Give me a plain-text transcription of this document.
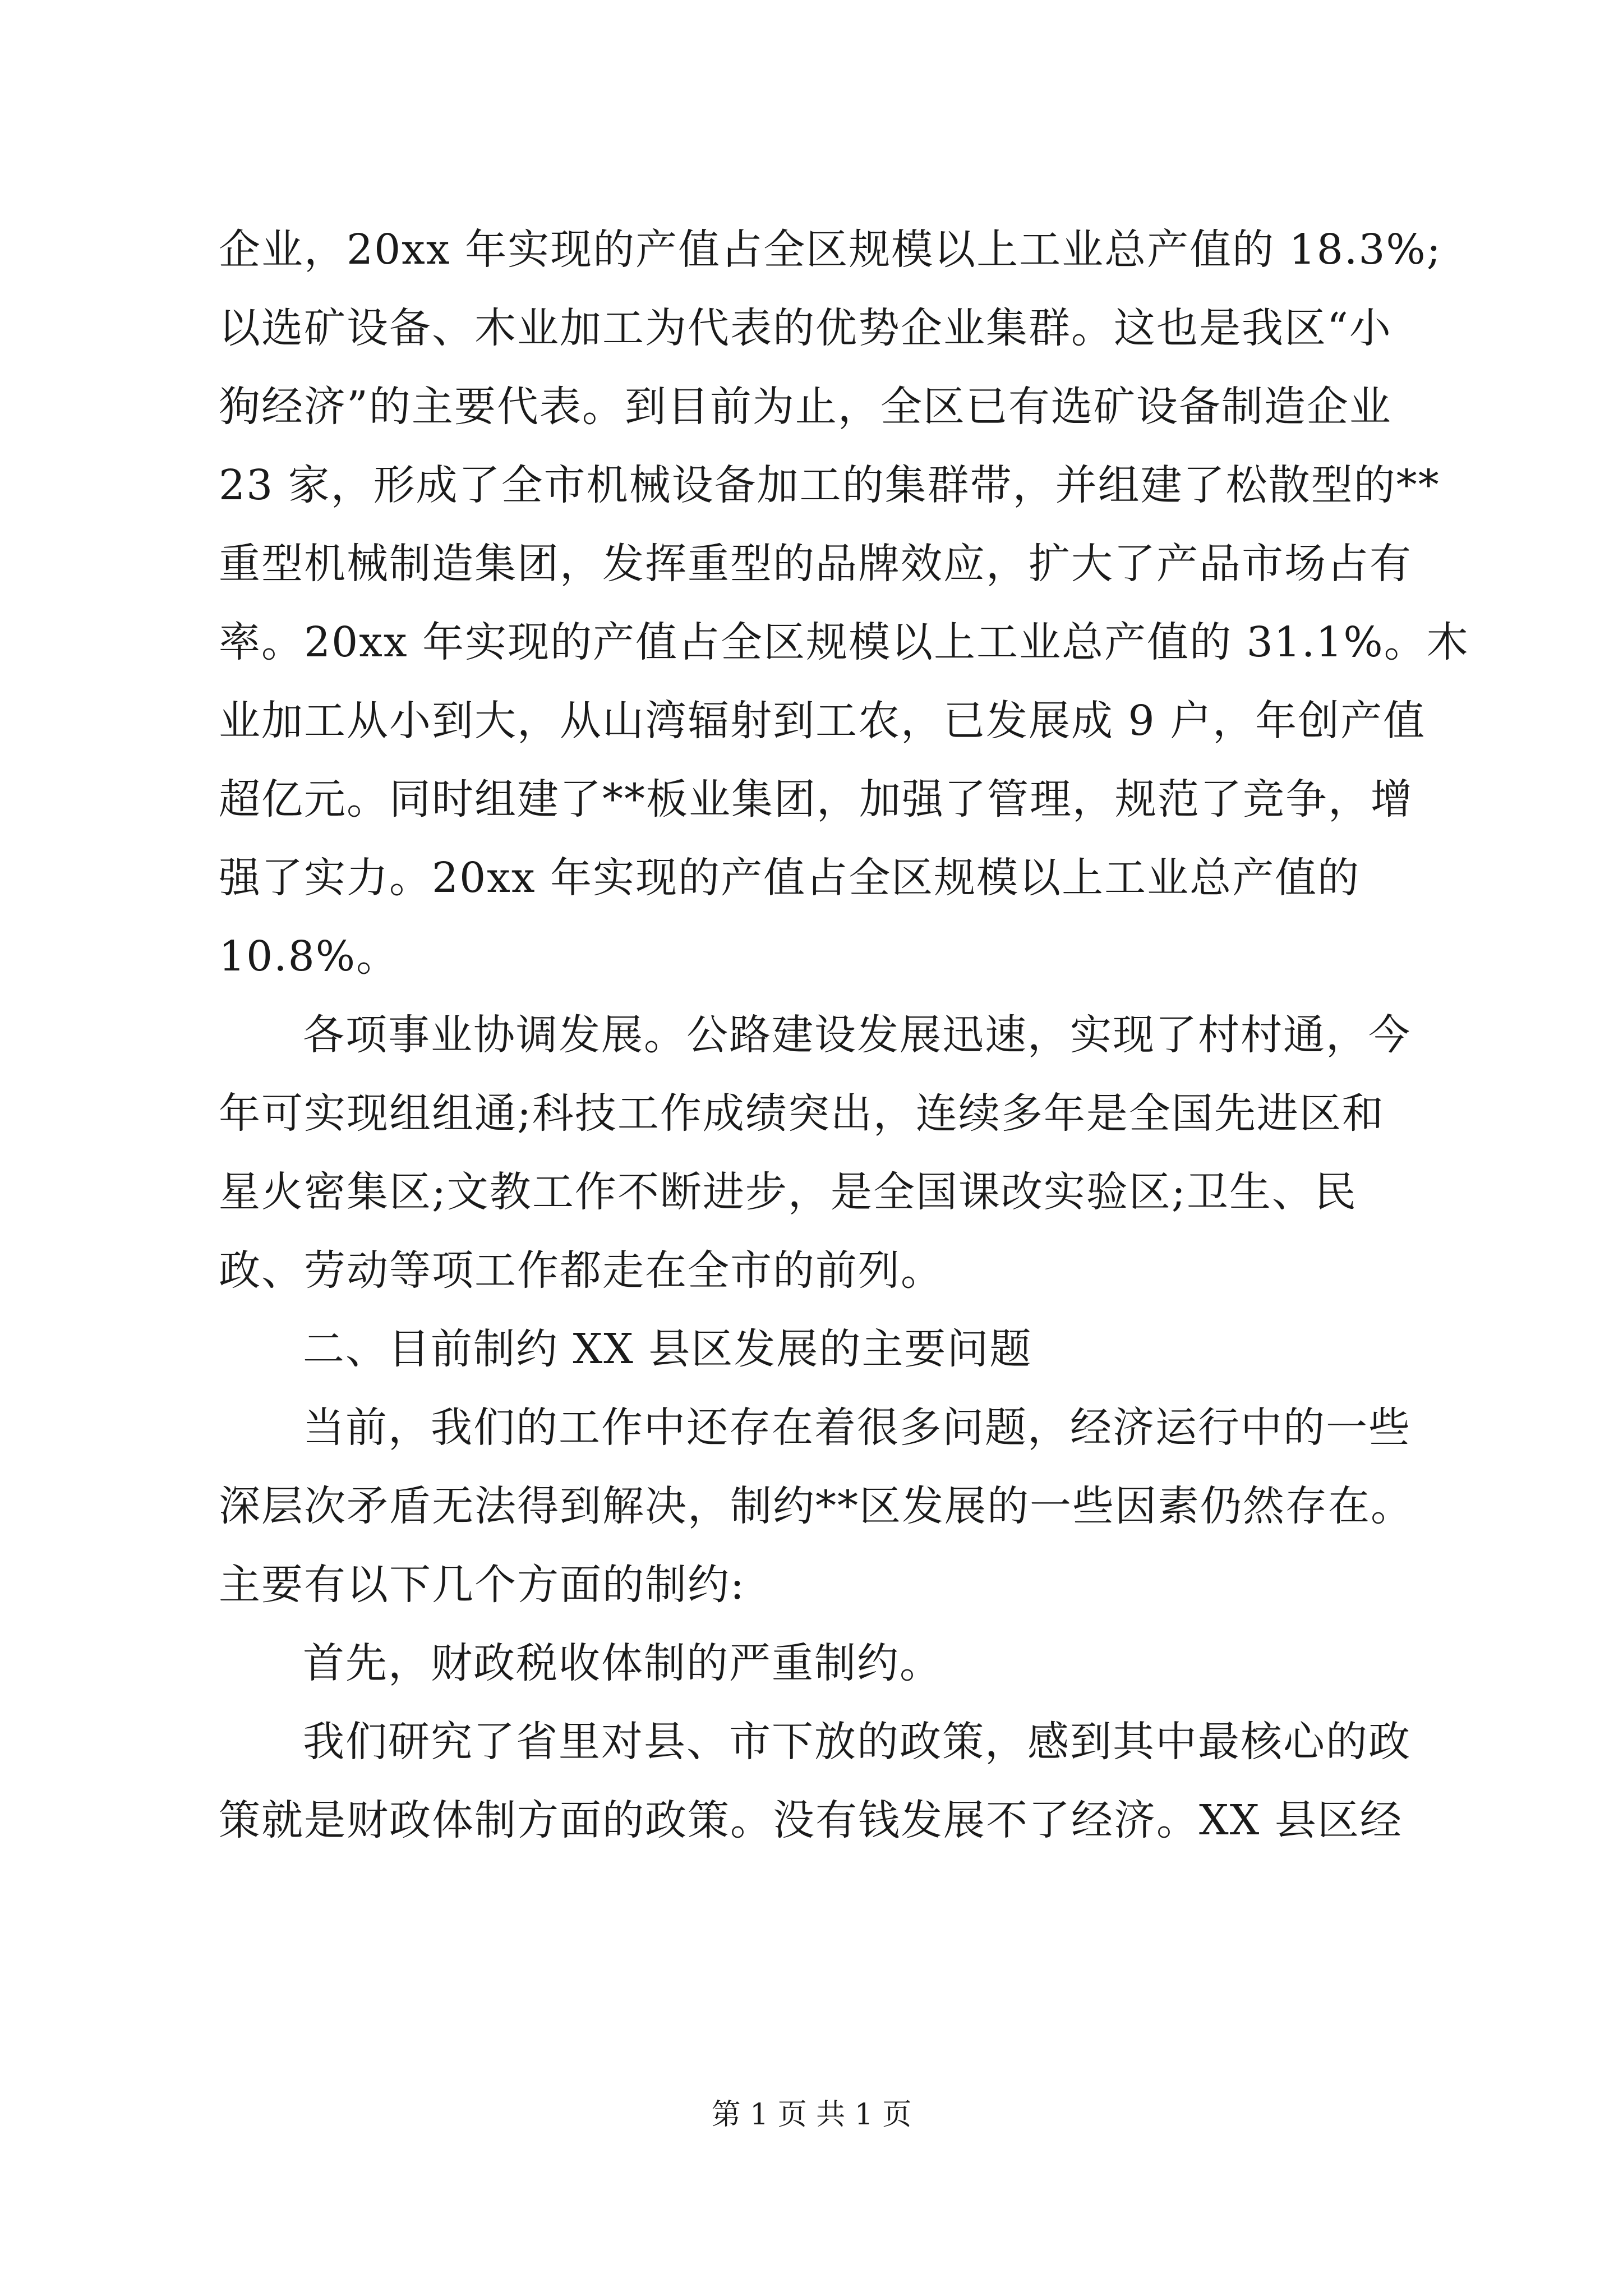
企业，20xx 年实现的产值占全区规模以上工业总产值的 18.3%;
以选矿设备、木业加工为代表的优势企业集群。这也是我区“小
狗经济”的主要代表。到目前为止，全区已有选矿设备制造企业
23 家，形成了全市机械设备加工的集群带，并组建了松散型的**
重型机械制造集团，发挥重型的品牌效应，扩大了产品市场占有
率。20xx 年实现的产值占全区规模以上工业总产值的 31.1%。木
业加工从小到大，从山湾辐射到工农，已发展成 9 户，年创产值
超亿元。同时组建了**板业集团，加强了管理，规范了竞争，增
强了实力。20xx 年实现的产值占全区规模以上工业总产值的
10.8%。
各项事业协调发展。公路建设发展迅速，实现了村村通，今
年可实现组组通;科技工作成绩突出，连续多年是全国先进区和
星火密集区;文教工作不断进步，是全国课改实验区;卫生、民
政、劳动等项工作都走在全市的前列。
二、目前制约 XX 县区发展的主要问题
当前，我们的工作中还存在着很多问题，经济运行中的一些
深层次矛盾无法得到解决，制约**区发展的一些因素仍然存在。
主要有以下几个方面的制约:
首先，财政税收体制的严重制约。
我们研究了省里对县、市下放的政策，感到其中最核心的政
策就是财政体制方面的政策。没有钱发展不了经济。XX 县区经
第 1 页 共 1 页
